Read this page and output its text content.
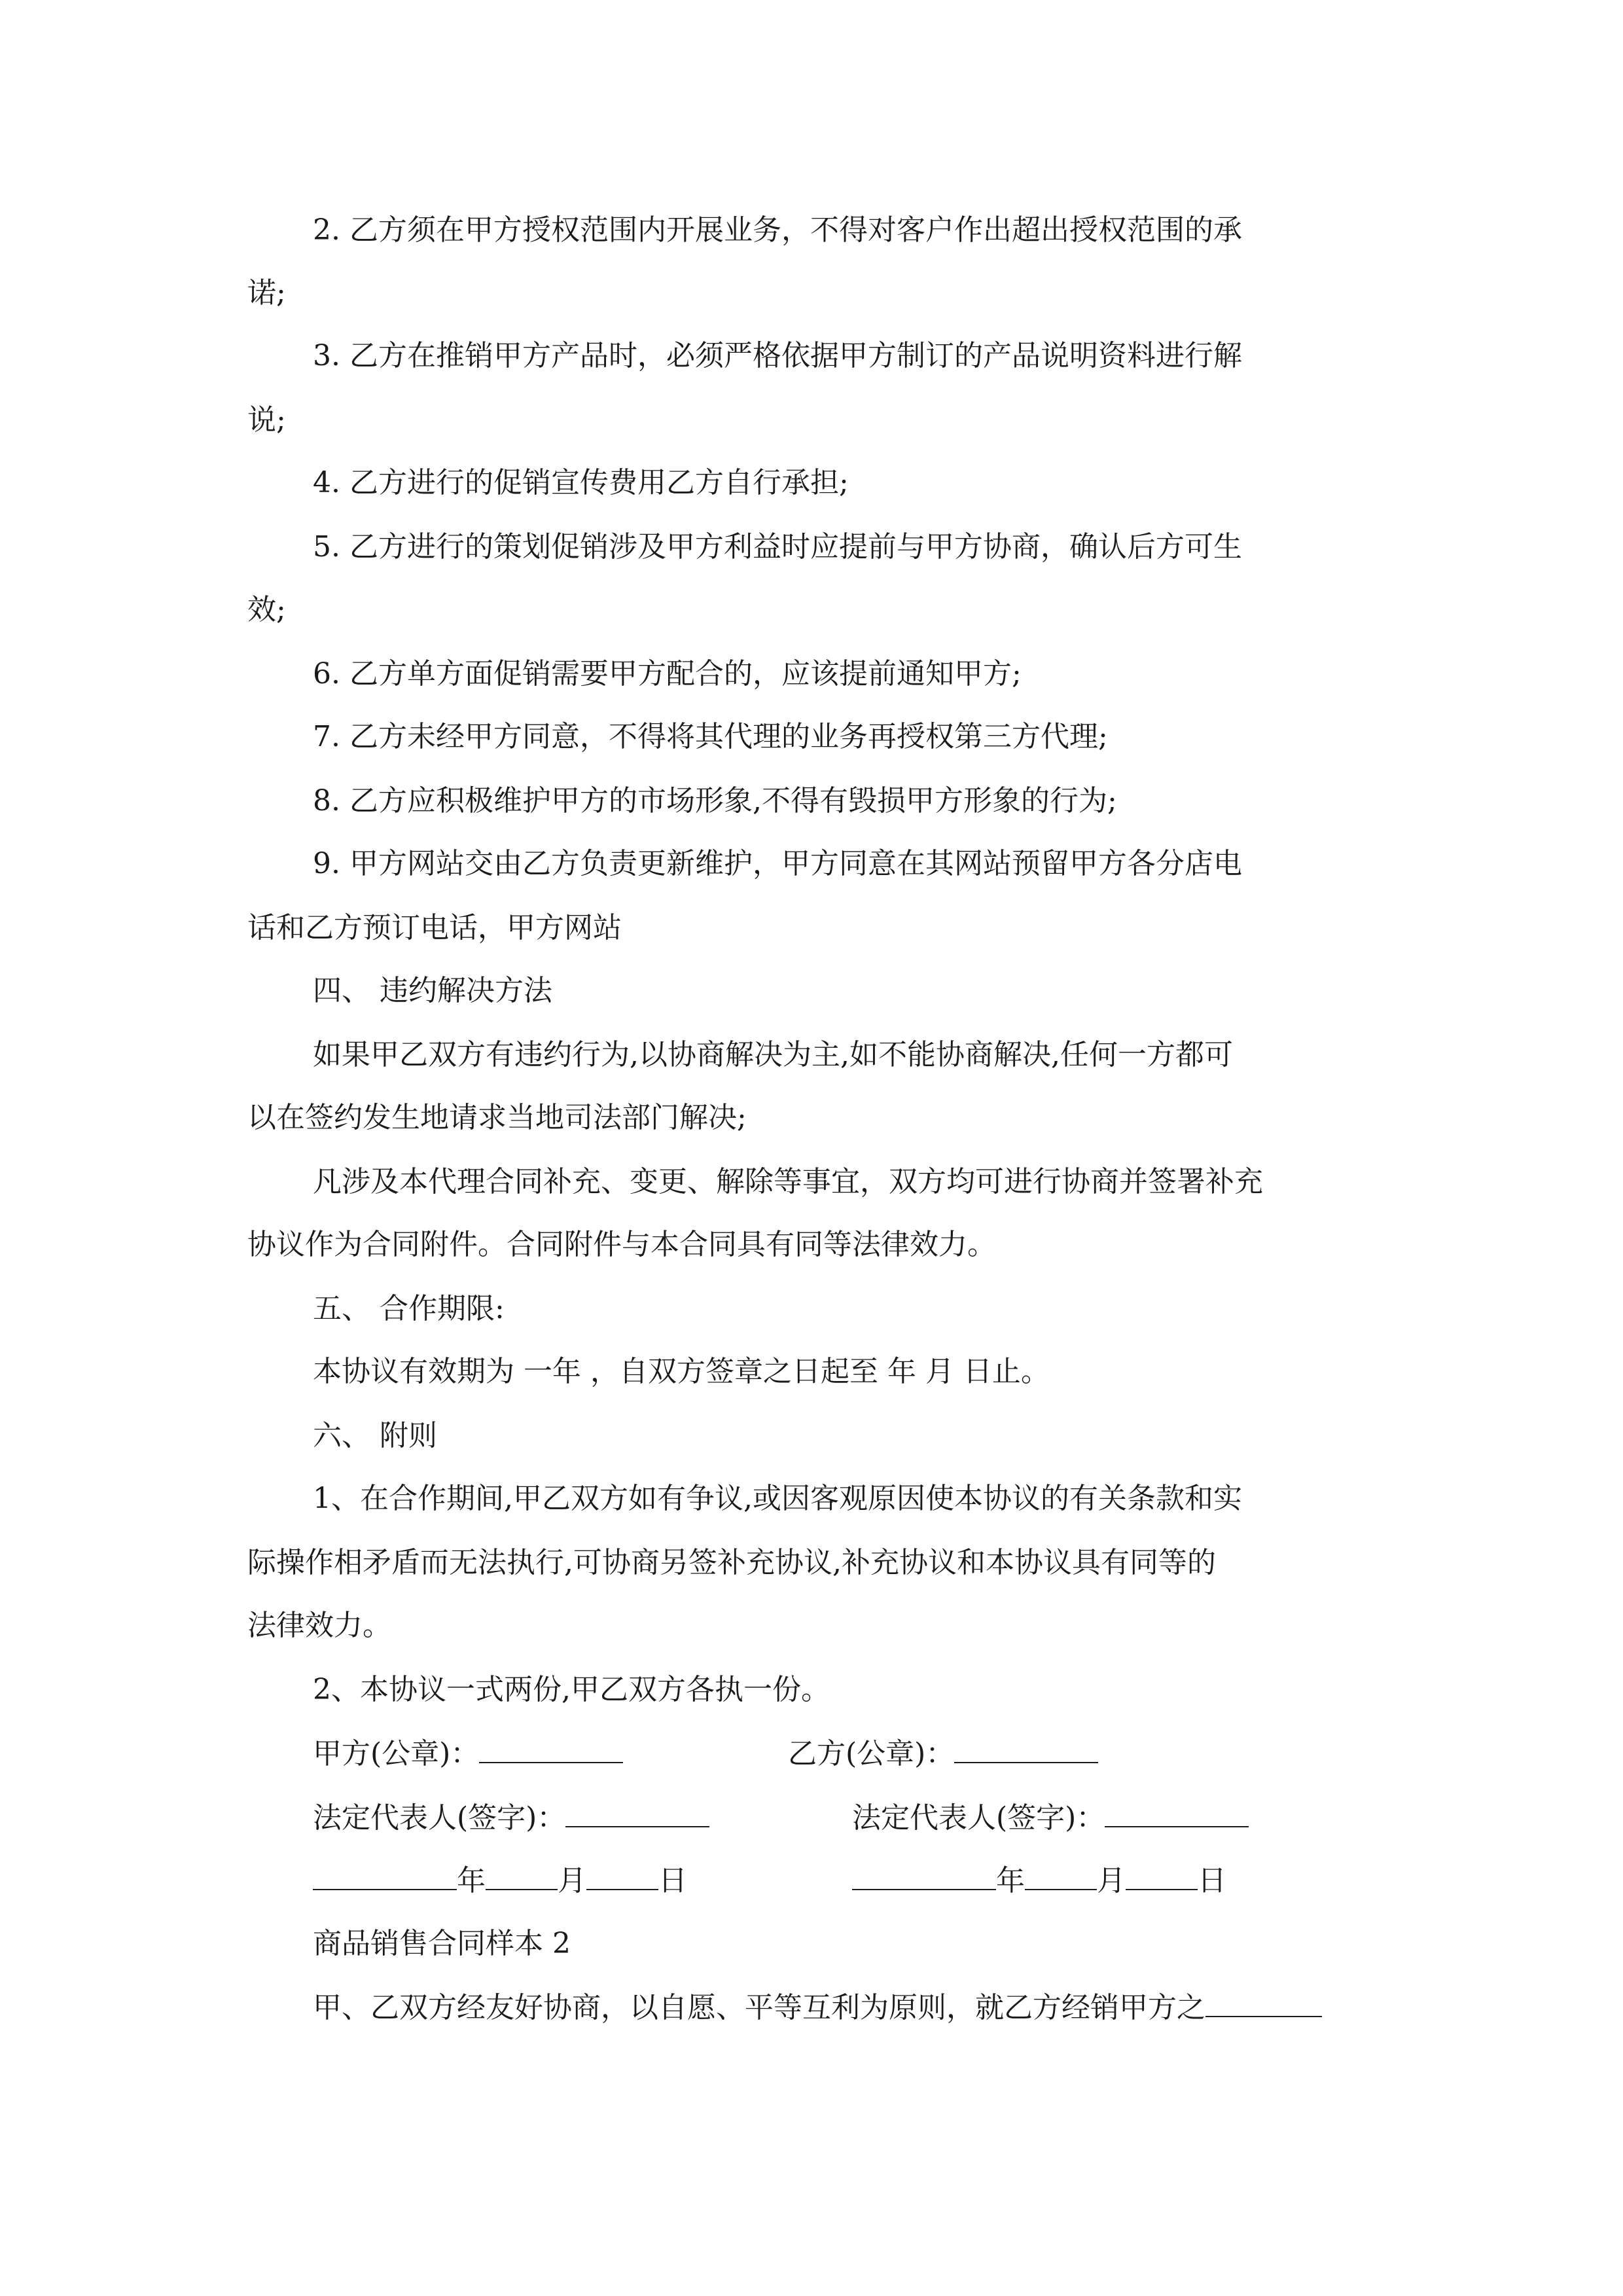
2. 乙方须在甲方授权范围内开展业务，不得对客户作出超出授权范围的承
诺;
3. 乙方在推销甲方产品时，必须严格依据甲方制订的产品说明资料进行解
说;
4. 乙方进行的促销宣传费用乙方自行承担;
5. 乙方进行的策划促销涉及甲方利益时应提前与甲方协商，确认后方可生
效;
6. 乙方单方面促销需要甲方配合的，应该提前通知甲方;
7. 乙方未经甲方同意，不得将其代理的业务再授权第三方代理;
8. 乙方应积极维护甲方的市场形象,不得有毁损甲方形象的行为;
9. 甲方网站交由乙方负责更新维护，甲方同意在其网站预留甲方各分店电
话和乙方预订电话，甲方网站
四、 违约解决方法
如果甲乙双方有违约行为,以协商解决为主,如不能协商解决,任何一方都可
以在签约发生地请求当地司法部门解决;
凡涉及本代理合同补充、变更、解除等事宜，双方均可进行协商并签署补充
协议作为合同附件。合同附件与本合同具有同等法律效力。
五、 合作期限:
本协议有效期为 一年 ，自双方签章之日起至 年 月 日止。
六、 附则
1、在合作期间,甲乙双方如有争议,或因客观原因使本协议的有关条款和实
际操作相矛盾而无法执行,可协商另签补充协议,补充协议和本协议具有同等的
法律效力。
2、本协议一式两份,甲乙双方各执一份。
甲方(公章)：	乙方(公章)：
法定代表人(签字)：	法定代表人(签字)：
年	月	日	年	月	日
商品销售合同样本 2
甲、乙双方经友好协商，以自愿、平等互利为原则，就乙方经销甲方之
